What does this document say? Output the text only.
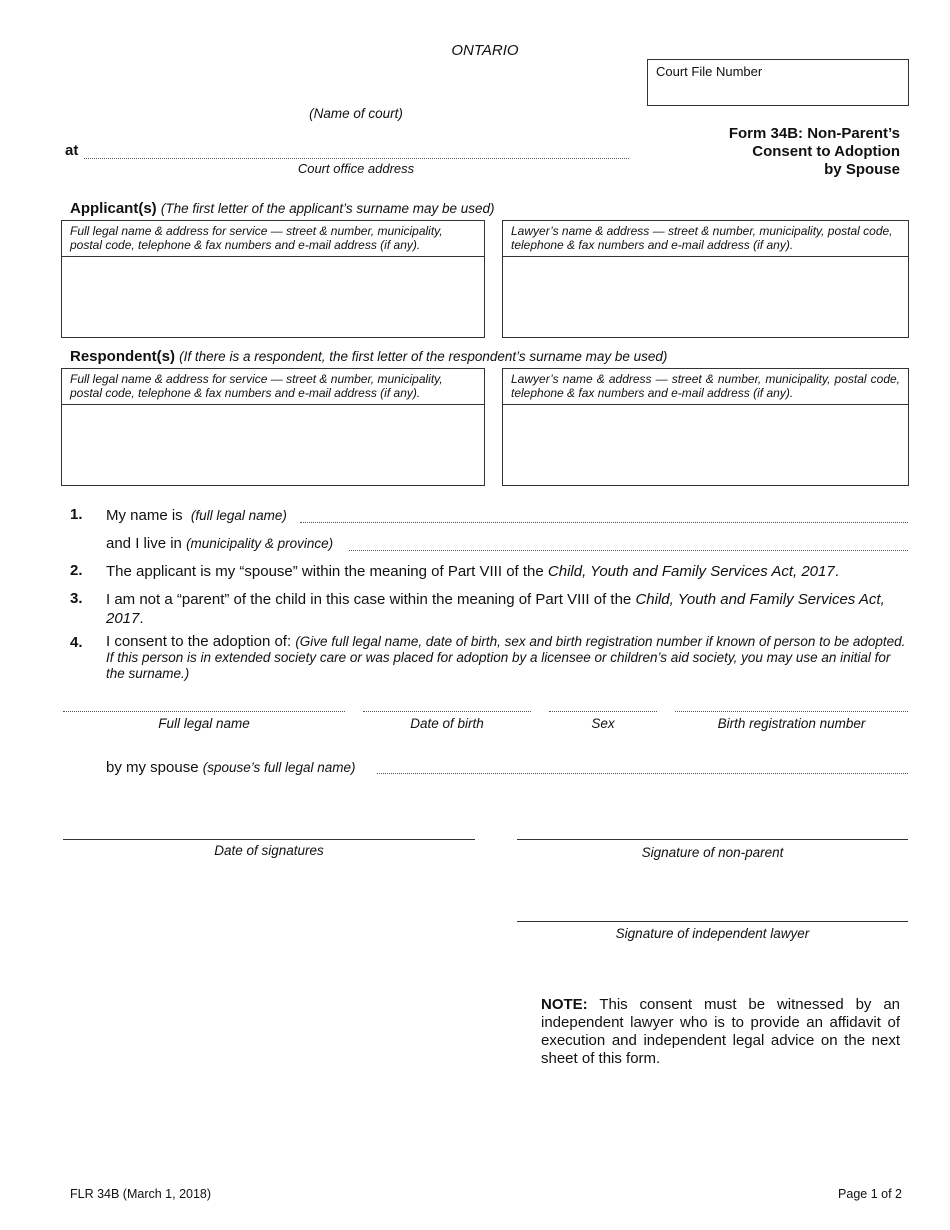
ONTARIO
Court File Number
(Name of court)
at
Court office address
Form 34B: Non-Parent’s
Consent to Adoption
by Spouse
Applicant(s) (The first letter of the applicant’s surname may be used)
Full legal name & address for service — street & number, municipality, postal code, telephone & fax numbers and e-mail address (if any).
Lawyer’s name & address — street & number, municipality, postal code, telephone & fax numbers and e-mail address (if any).
Respondent(s) (If there is a respondent, the first letter of the respondent’s surname may be used)
Full legal name & address for service — street & number, municipality, postal code, telephone & fax numbers and e-mail address (if any).
Lawyer’s name & address — street & number, municipality, postal code, telephone & fax numbers and e-mail address (if any).
1. My name is (full legal name)
and I live in (municipality & province)
2. The applicant is my “spouse” within the meaning of Part VIII of the Child, Youth and Family Services Act, 2017.
3. I am not a “parent” of the child in this case within the meaning of Part VIII of the Child, Youth and Family Services Act, 2017.
4. I consent to the adoption of: (Give full legal name, date of birth, sex and birth registration number if known of person to be adopted. If this person is in extended society care or was placed for adoption by a licensee or children’s aid society, you may use an initial for the surname.)
Full legal name	Date of birth	Sex	Birth registration number
by my spouse (spouse’s full legal name)
Date of signatures	Signature of non-parent
Signature of independent lawyer
NOTE: This consent must be witnessed by an independent lawyer who is to provide an affidavit of execution and independent legal advice on the next sheet of this form.
FLR 34B (March 1, 2018)	Page 1 of 2
